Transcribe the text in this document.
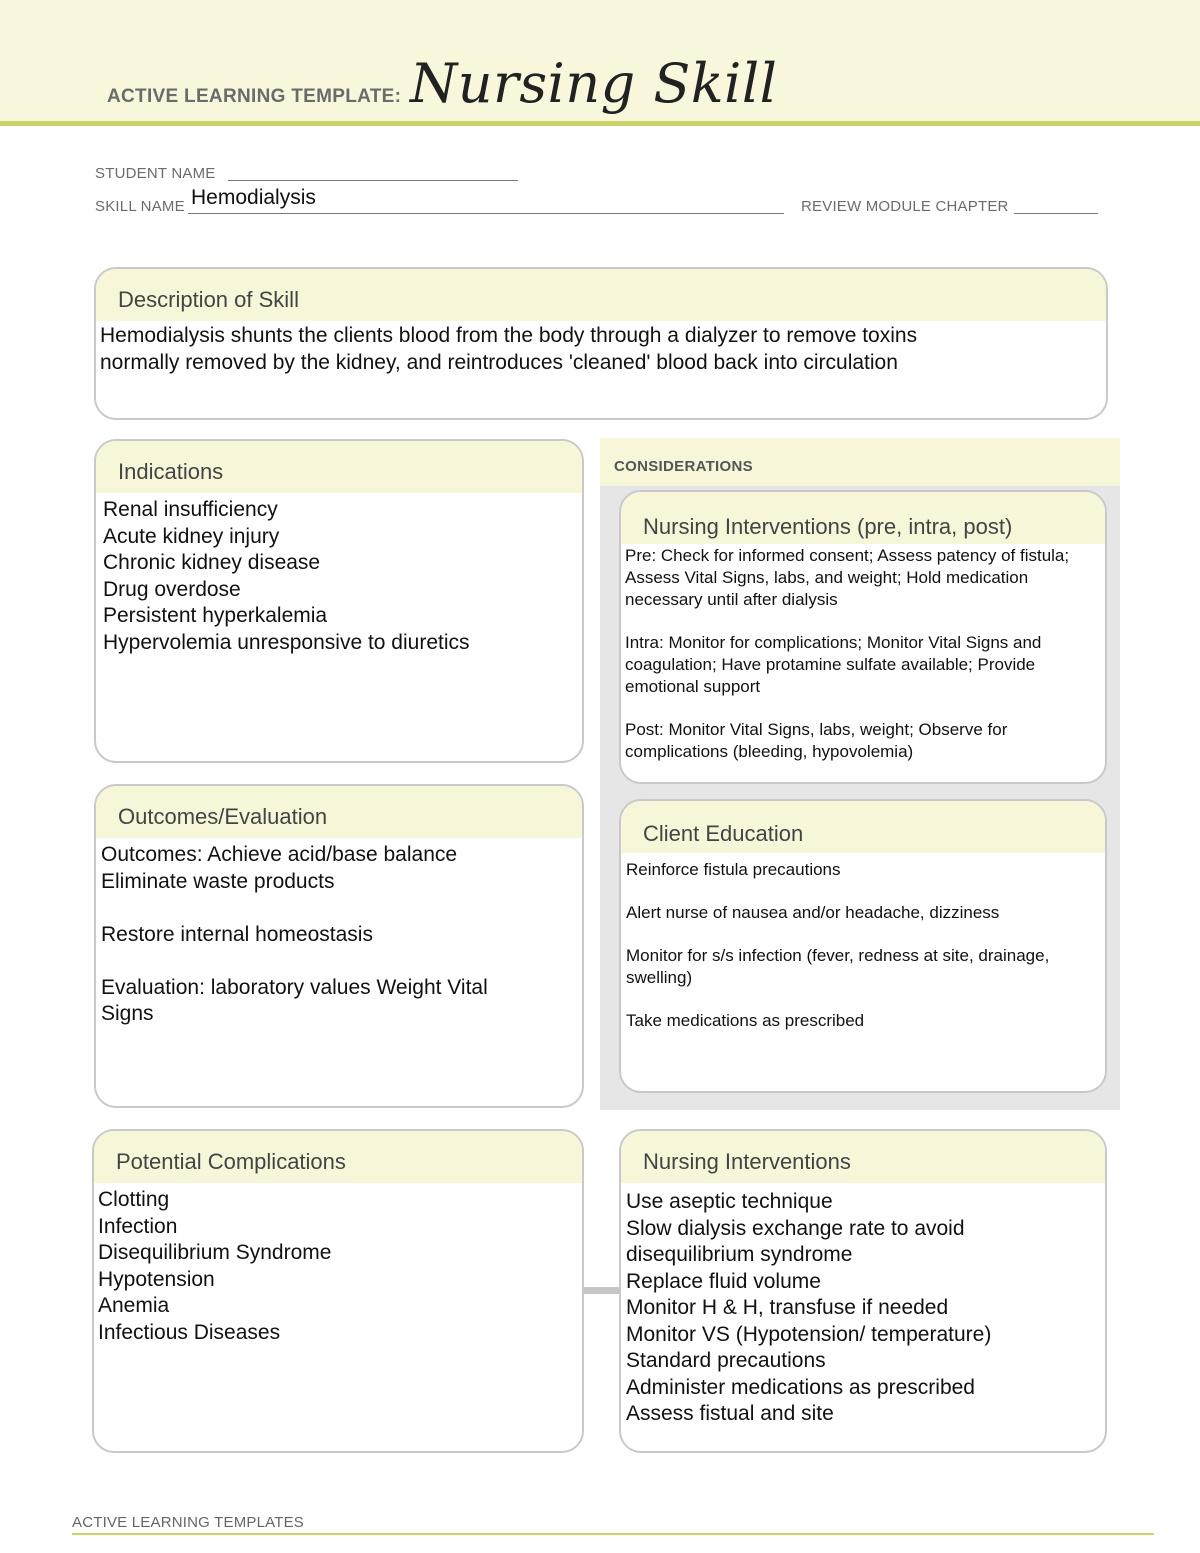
ACTIVE LEARNING TEMPLATE: Nursing Skill
STUDENT NAME
SKILL NAME Hemodialysis	REVIEW MODULE CHAPTER
Description of Skill
Hemodialysis shunts the clients blood from the body through a dialyzer to remove toxins
normally removed by the kidney, and reintroduces 'cleaned' blood back into circulation
Indications
Renal insufficiency
Acute kidney injury
Chronic kidney disease
Drug overdose
Persistent hyperkalemia
Hypervolemia unresponsive to diuretics
CONSIDERATIONS
Nursing Interventions (pre, intra, post)

Pre: Check for informed consent; Assess patency of fistula; Assess Vital Signs, labs, and weight; Hold medication necessary until after dialysis

Intra: Monitor for complications; Monitor Vital Signs and coagulation; Have protamine sulfate available; Provide emotional support

Post: Monitor Vital Signs, labs, weight; Observe for complications (bleeding, hypovolemia)

Client Education

Reinforce fistula precautions

Alert nurse of nausea and/or headache, dizziness

Monitor for s/s infection (fever, redness at site, drainage, swelling)

Take medications as prescribed

Outcomes/Evaluation
Outcomes: Achieve acid/base balance
Eliminate waste products

Restore internal homeostasis

Evaluation: laboratory values Weight Vital
Signs
Potential Complications
Clotting
Infection
Disequilibrium Syndrome
Hypotension
Anemia
Infectious Diseases
Nursing Interventions
Use aseptic technique
Slow dialysis exchange rate to avoid
disequilibrium syndrome
Replace fluid volume
Monitor H & H, transfuse if needed
Monitor VS (Hypotension/ temperature)
Standard precautions
Administer medications as prescribed
Assess fistual and site
ACTIVE LEARNING TEMPLATES
